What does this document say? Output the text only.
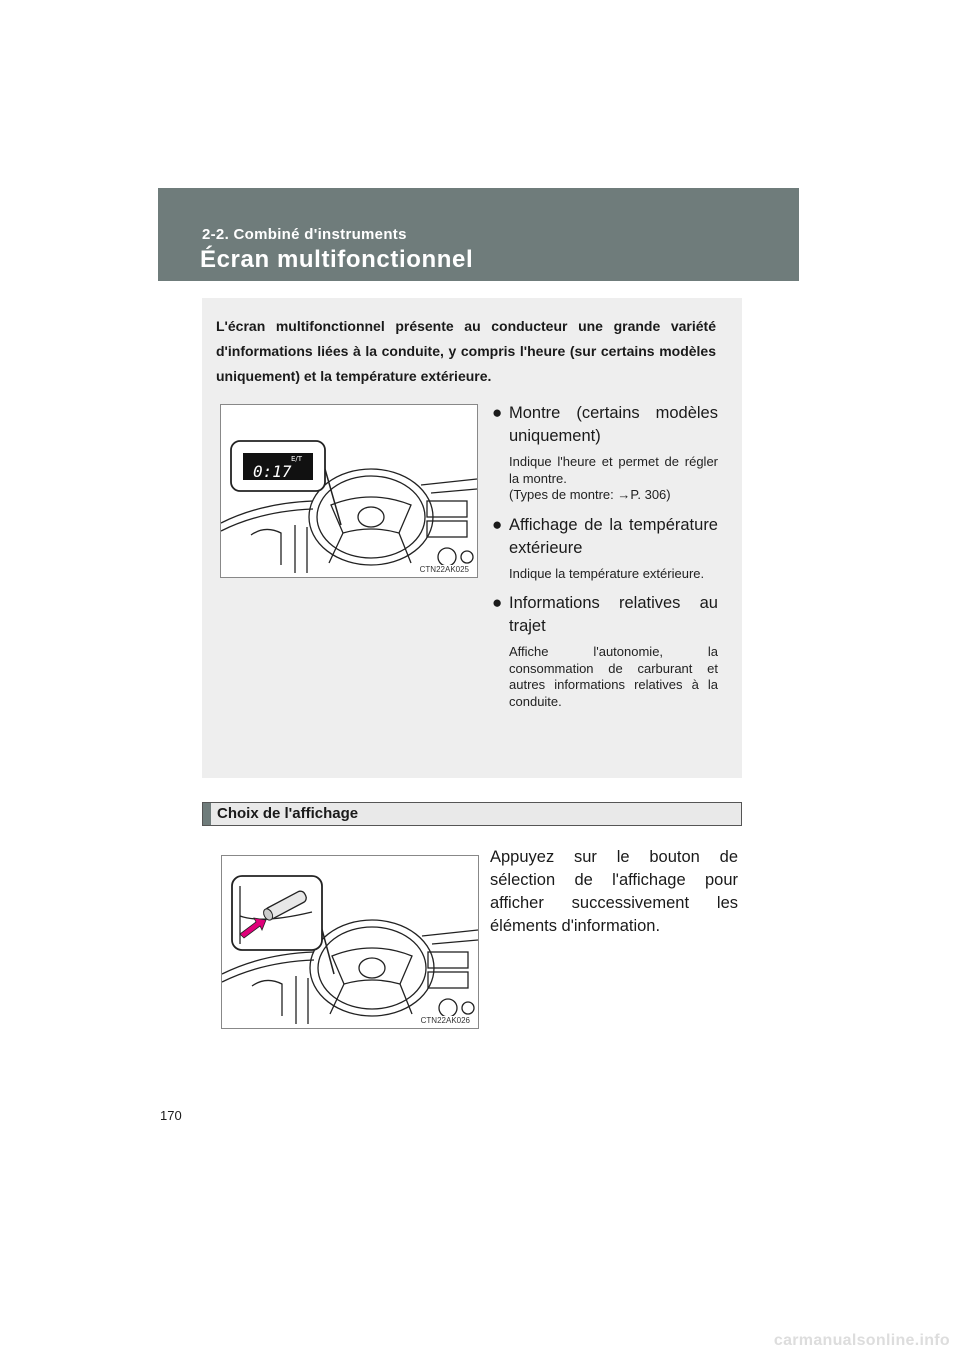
2-2. Combiné d'instruments
Écran multifonctionnel
L'écran multifonctionnel présente au conducteur une grande variété d'informations liées à la conduite, y compris l'heure (sur certains modèles uniquement) et la température extérieure.
E/T
0:17
CTN22AK025
● Montre (certains modèles uniquement)
Indique l'heure et permet de régler la montre.
(Types de montre: →P. 306)
● Affichage de la température extérieure
Indique la température extérieure.
● Informations relatives au trajet
Affiche l'autonomie, la consommation de carburant et autres informations relatives à la conduite.
Choix de l'affichage
CTN22AK026
Appuyez sur le bouton de sélection de l'affichage pour afficher successivement les éléments d'information.
170
carmanualsonline.info
